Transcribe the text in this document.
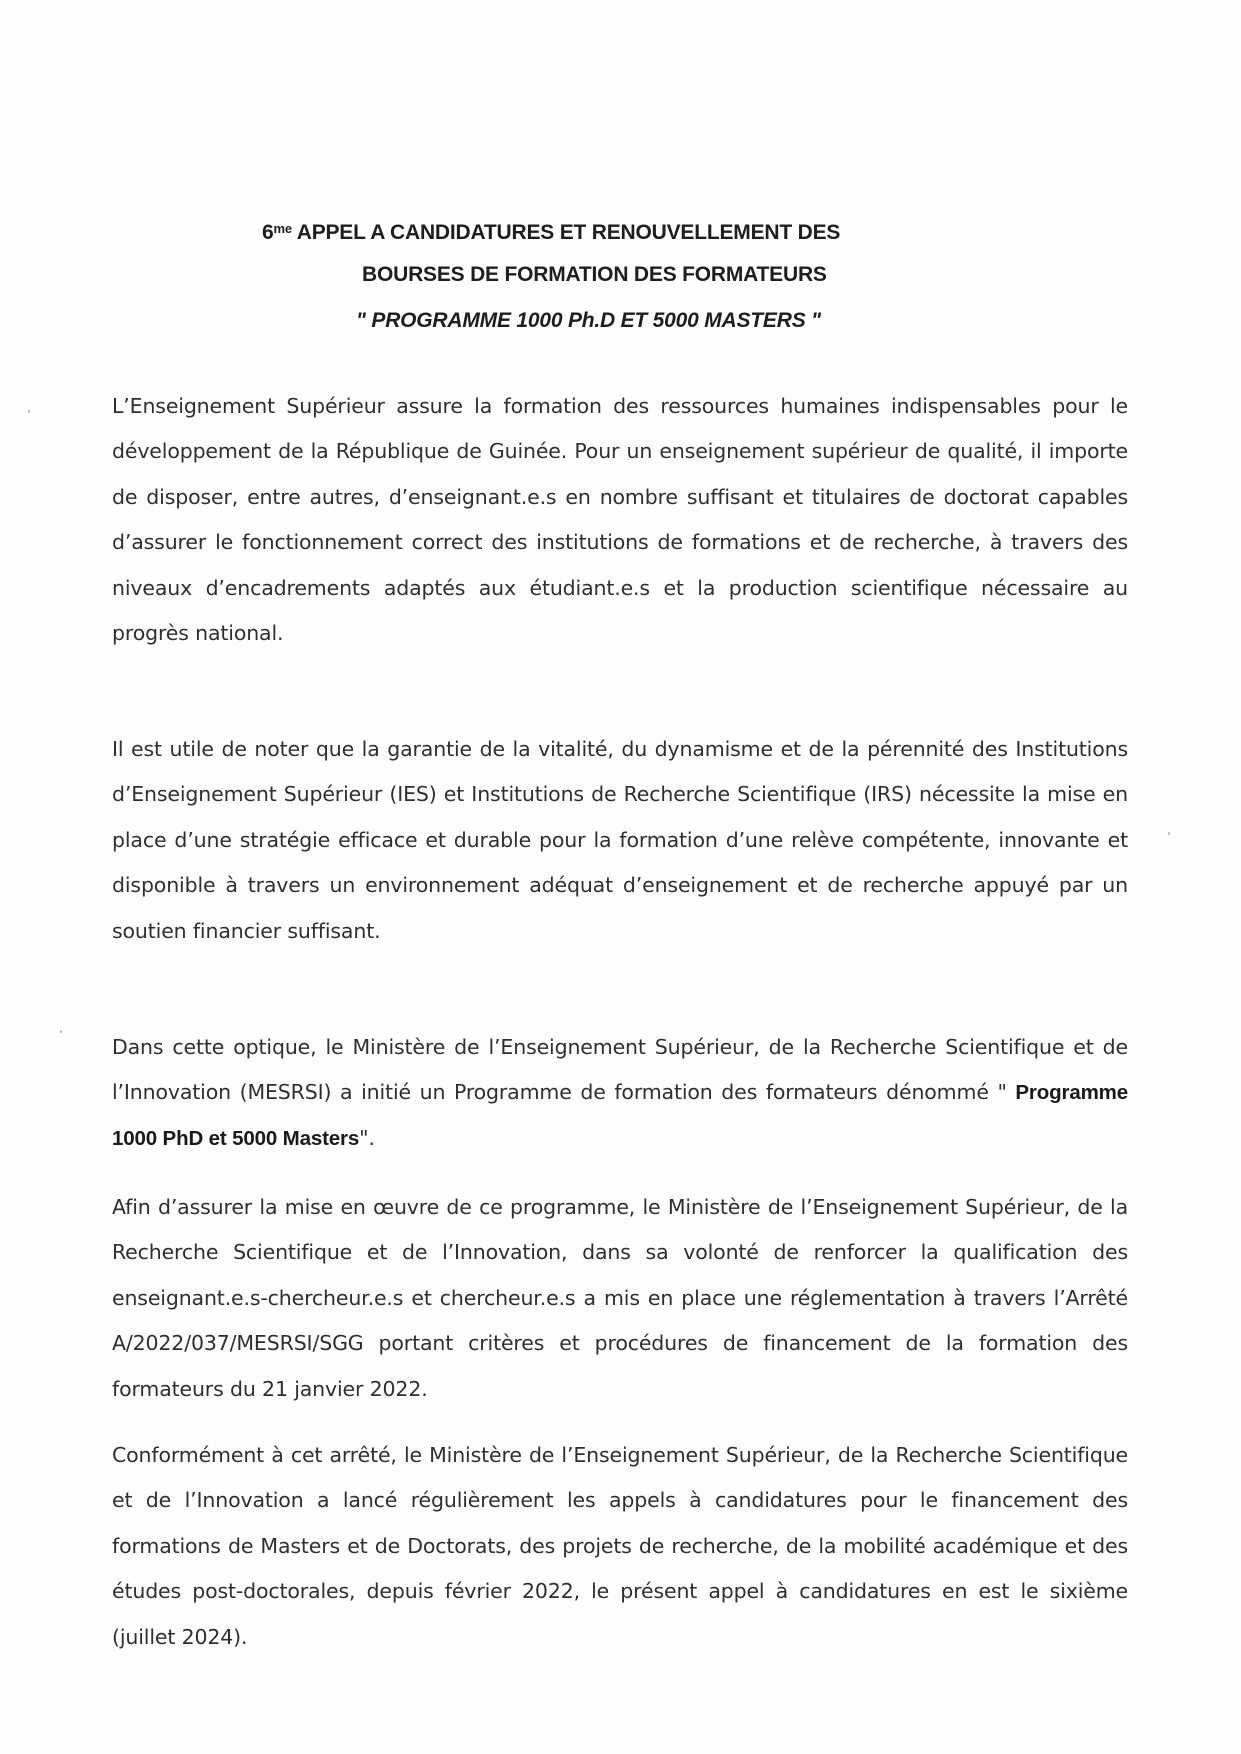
$6^{me}$ APPEL A CANDIDATURES ET RENOUVELLEMENT DES
BOURSES DE FORMATION DES FORMATEURS
" PROGRAMME 1000 Ph.D ET 5000 MASTERS "

L’Enseignement Supérieur assure la formation des ressources humaines indispensables pour le développement de la République de Guinée. Pour un enseignement supérieur de qualité, il importe de disposer, entre autres, d’enseignant.e.s en nombre suffisant et titulaires de doctorat capables d’assurer le fonctionnement correct des institutions de formations et de recherche, à travers des niveaux d’encadrements adaptés aux étudiant.e.s et la production scientifique nécessaire au progrès national.

Il est utile de noter que la garantie de la vitalité, du dynamisme et de la pérennité des Institutions d’Enseignement Supérieur (IES) et Institutions de Recherche Scientifique (IRS) nécessite la mise en place d’une stratégie efficace et durable pour la formation d’une relève compétente, innovante et disponible à travers un environnement adéquat d’enseignement et de recherche appuyé par un soutien financier suffisant.

Dans cette optique, le Ministère de l’Enseignement Supérieur, de la Recherche Scientifique et de l’Innovation (MESRSI) a initié un Programme de formation des formateurs dénommé " Programme 1000 PhD et 5000 Masters".

Afin d’assurer la mise en œuvre de ce programme, le Ministère de l’Enseignement Supérieur, de la Recherche Scientifique et de l’Innovation, dans sa volonté de renforcer la qualification des enseignant.e.s-chercheur.e.s et chercheur.e.s a mis en place une réglementation à travers l’Arrêté A/2022/037/MESRSI/SGG portant critères et procédures de financement de la formation des formateurs du 21 janvier 2022.

Conformément à cet arrêté, le Ministère de l’Enseignement Supérieur, de la Recherche Scientifique et de l’Innovation a lancé régulièrement les appels à candidatures pour le financement des formations de Masters et de Doctorats, des projets de recherche, de la mobilité académique et des études post-doctorales, depuis février 2022, le présent appel à candidatures en est le sixième (juillet 2024).
